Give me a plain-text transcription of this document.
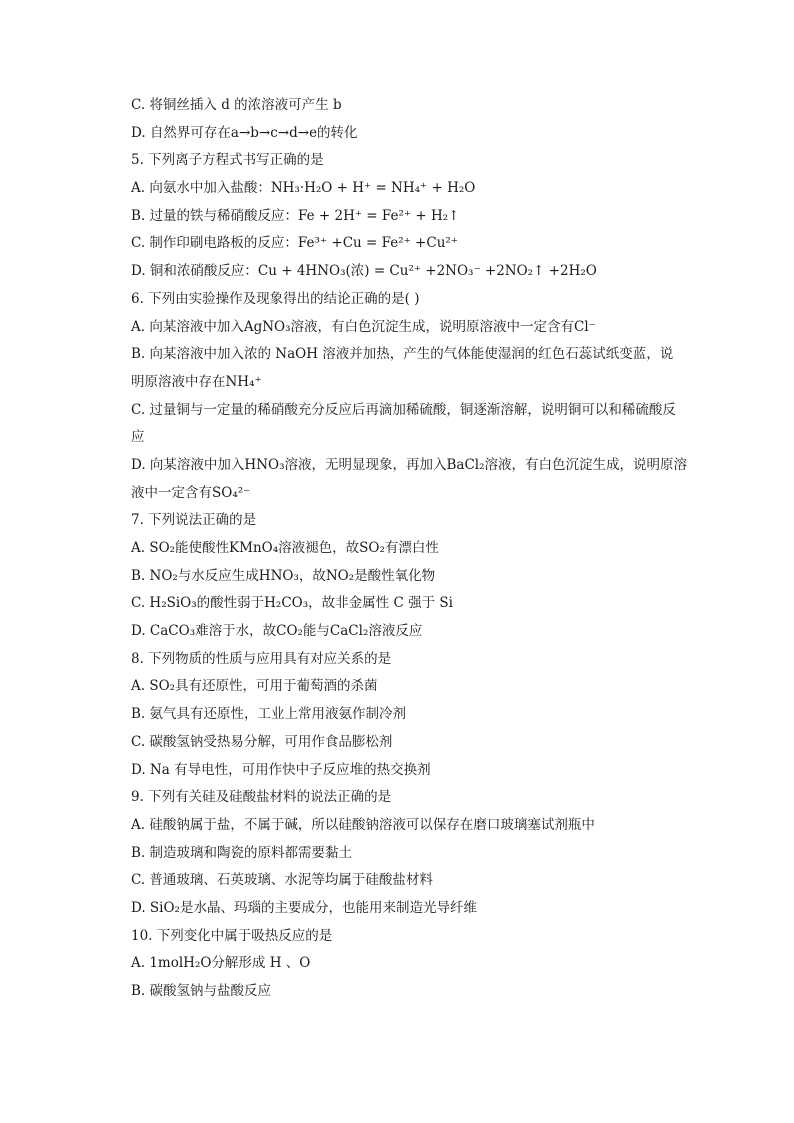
C. 将铜丝插入 d 的浓溶液可产生 b
D. 自然界可存在a→b→c→d→e的转化
5. 下列离子方程式书写正确的是
A. 向氨水中加入盐酸：NH₃·H₂O + H⁺ = NH₄⁺ + H₂O
B. 过量的铁与稀硝酸反应：Fe + 2H⁺ = Fe²⁺ + H₂↑
C. 制作印刷电路板的反应：Fe³⁺ +Cu = Fe²⁺ +Cu²⁺
D. 铜和浓硝酸反应：Cu + 4HNO₃(浓) = Cu²⁺ +2NO₃⁻ +2NO₂↑ +2H₂O
6. 下列由实验操作及现象得出的结论正确的是( )
A. 向某溶液中加入AgNO₃溶液，有白色沉淀生成，说明原溶液中一定含有Cl⁻
B. 向某溶液中加入浓的 NaOH 溶液并加热，产生的气体能使湿润的红色石蕊试纸变蓝，说
明原溶液中存在NH₄⁺
C. 过量铜与一定量的稀硝酸充分反应后再滴加稀硫酸，铜逐渐溶解，说明铜可以和稀硫酸反
应
D. 向某溶液中加入HNO₃溶液，无明显现象，再加入BaCl₂溶液，有白色沉淀生成，说明原溶
液中一定含有SO₄²⁻
7. 下列说法正确的是
A. SO₂能使酸性KMnO₄溶液褪色，故SO₂有漂白性
B. NO₂与水反应生成HNO₃，故NO₂是酸性氧化物
C. H₂SiO₃的酸性弱于H₂CO₃，故非金属性 C 强于 Si
D. CaCO₃难溶于水，故CO₂能与CaCl₂溶液反应
8. 下列物质的性质与应用具有对应关系的是
A. SO₂具有还原性，可用于葡萄酒的杀菌
B. 氨气具有还原性，工业上常用液氨作制冷剂
C. 碳酸氢钠受热易分解，可用作食品膨松剂
D. Na 有导电性，可用作快中子反应堆的热交换剂
9. 下列有关硅及硅酸盐材料的说法正确的是
A. 硅酸钠属于盐，不属于碱，所以硅酸钠溶液可以保存在磨口玻璃塞试剂瓶中
B. 制造玻璃和陶瓷的原料都需要黏土
C. 普通玻璃、石英玻璃、水泥等均属于硅酸盐材料
D. SiO₂是水晶、玛瑙的主要成分，也能用来制造光导纤维
10. 下列变化中属于吸热反应的是
A. 1molH₂O分解形成 H 、O
B. 碳酸氢钠与盐酸反应
